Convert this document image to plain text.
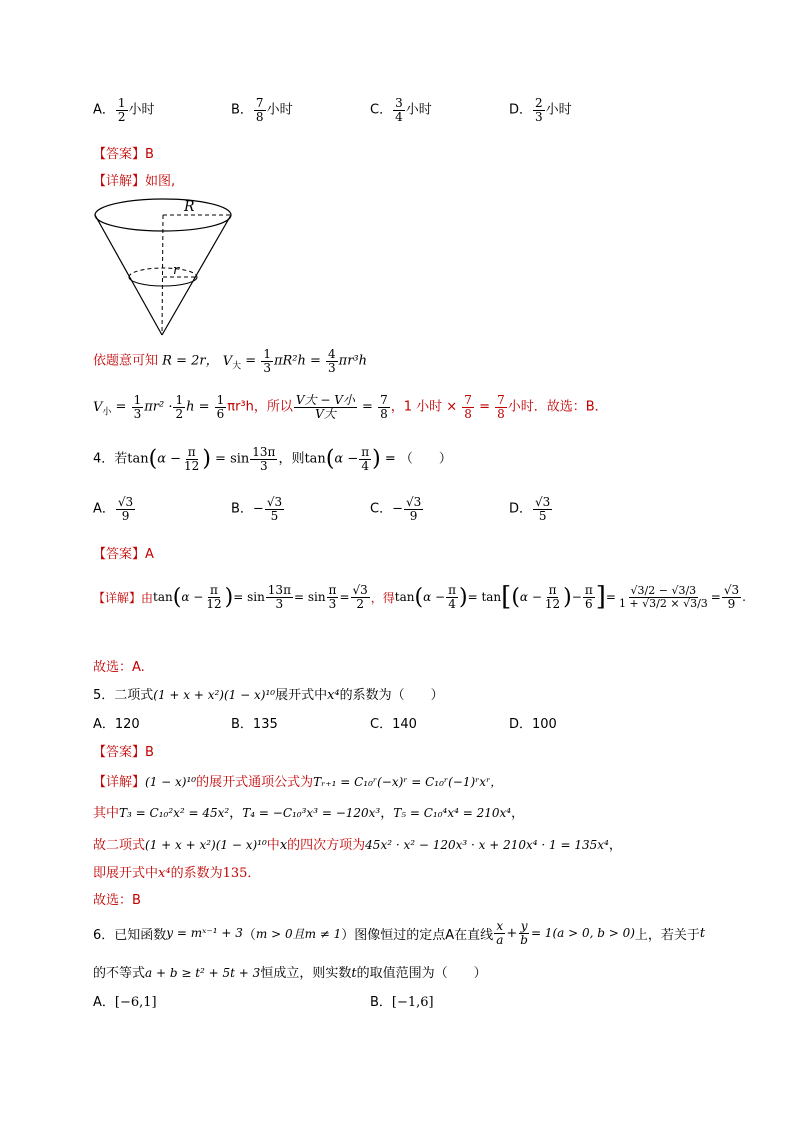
A． $\frac{1}{2}$ 小时	B． $\frac{7}{8}$ 小时	C． $\frac{3}{4}$ 小时	D． $\frac{2}{3}$ 小时
【答案】B
【详解】如图,
R
r
依题意可知 R = 2r， $V_大 = \frac{1}{3} \pi R^2h = \frac{4}{3} \pi r^3h$
$V_小 = \frac{1}{3} \pi r^2 \cdot \frac{1}{2}$ $h = \frac{1}{6} \pi r^3h$，所以 $\frac{\text{V大 − V小}}{\text{V大}} = \frac{7}{8}$ ，1 小时 × $\frac{7}{8} = \frac{7}{8}$ 小时．故选：B．
4．若$\tan(\alpha - \frac{\pi}{12}$ ) = $\sin \frac{13\pi}{3}$ ，则$\tan(\alpha - \frac{\pi}{4}$ ) = （　　）
A． $\frac{√3}{9}$	B．− $\frac{√3}{5}$	C．− $\frac{√3}{9}$	D． $\frac{√3}{5}$
【答案】A
【详解】 由 tan ( $\alpha - \frac{\pi}{12}$ ) = $\sin \frac{13\pi}{3} = \sin \frac{\pi}{3} = \frac{√3}{2}$ ，得 tan ( $\alpha - \frac{\pi}{4}$ ) = tan [ ( $\alpha - \frac{\pi}{12}$ ) − $\frac{\pi}{6}$ ] = $\frac{√3/2 - √3/3}{1 + √3/2 \times √3/3} = \frac{√3}{9}$ .
故选：A.
5．二项式(1 + x + x²)(1 − x)¹⁰展开式中x⁴的系数为（　　）
A．120	B．135	C．140	D．100
【答案】B
【详解】(1 − x)¹⁰的展开式通项公式为Tᵣ₊₁ = C₁₀ʳ(−x)ʳ = C₁₀ʳ(−1)ʳxʳ，
其中T₃ = C₁₀²x² = 45x²，T₄ = −C₁₀³x³ = −120x³，T₅ = C₁₀⁴x⁴ = 210x⁴，
故二项式(1 + x + x²)(1 − x)¹⁰中x的四次方项为45x² · x² − 120x³ · x + 210x⁴ · 1 = 135x⁴，
即展开式中x⁴的系数为135．
故选：B
6．已知函数 y = mˣ⁻¹ + 3 （ m > 0且m ≠ 1 ）图像恒过的定点A在直线 $\frac{x}{a} + \frac{y}{b} = 1(a > 0$, b > 0) 上，若关于 t
的不等式a + b ≥ t² + 5t + 3恒成立，则实数t的取值范围为（　　）
A．[−6,1]	B．[−1,6]
